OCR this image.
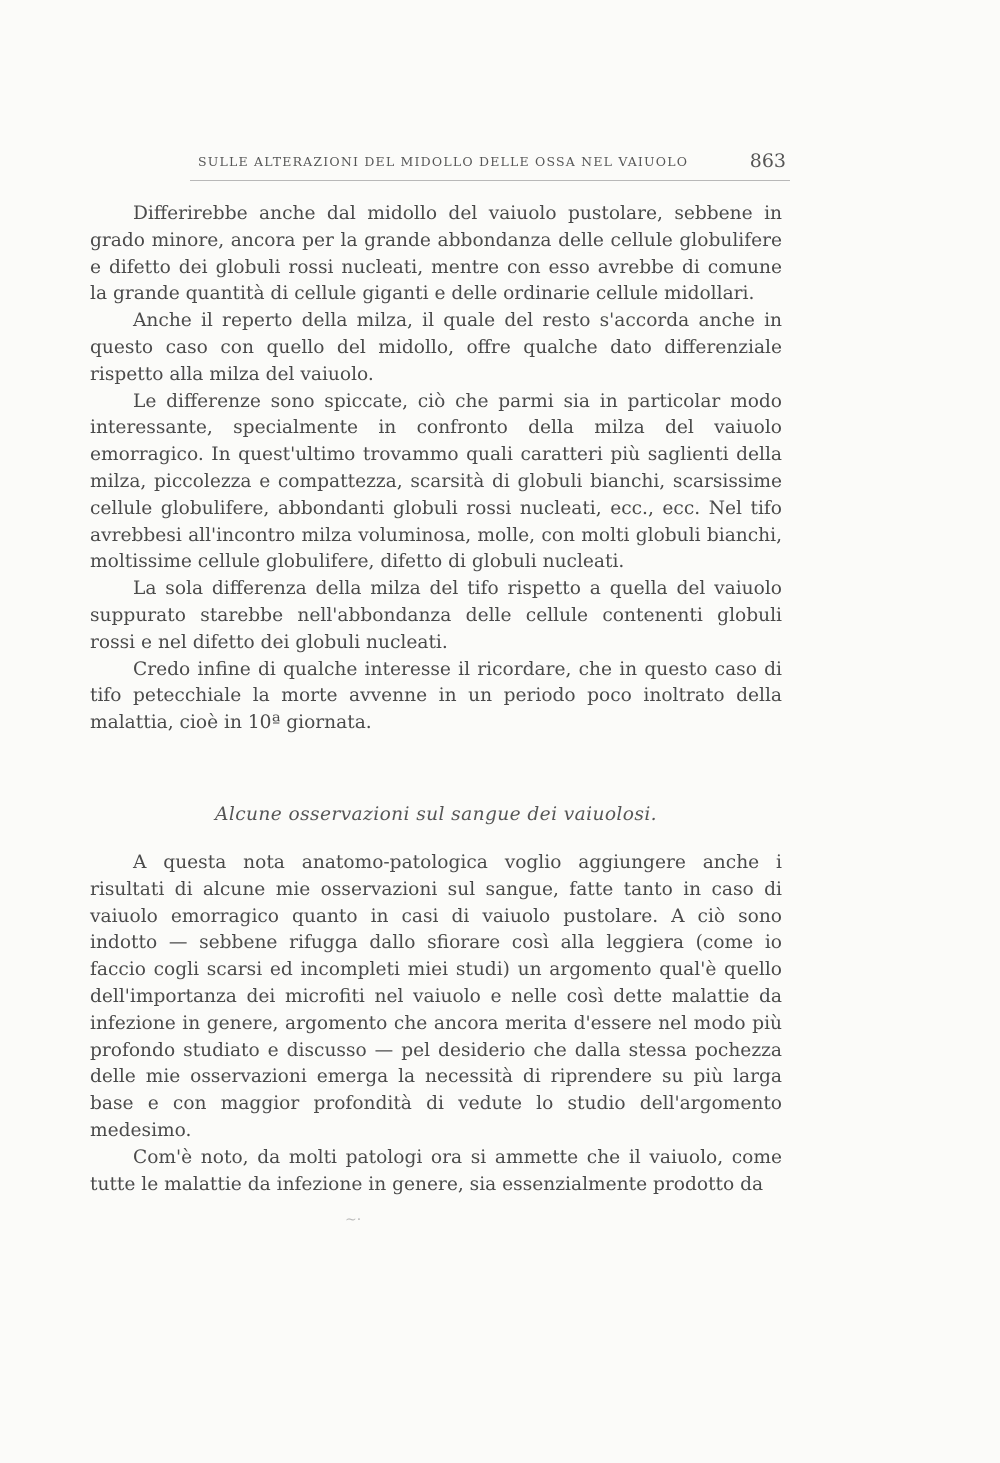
SULLE ALTERAZIONI DEL MIDOLLO DELLE OSSA NEL VAIUOLO	863

Differirebbe anche dal midollo del vaiuolo pustolare, sebbene in grado minore, ancora per la grande abbondanza delle cellule globulifere e difetto dei globuli rossi nucleati, mentre con esso avrebbe di comune la grande quantità di cellule giganti e delle ordinarie cellule midollari.

Anche il reperto della milza, il quale del resto s'accorda anche in questo caso con quello del midollo, offre qualche dato differenziale rispetto alla milza del vaiuolo.

Le differenze sono spiccate, ciò che parmi sia in particolar modo interessante, specialmente in confronto della milza del vaiuolo emorragico. In quest'ultimo trovammo quali caratteri più saglienti della milza, piccolezza e compattezza, scarsità di globuli bianchi, scarsissime cellule globulifere, abbondanti globuli rossi nucleati, ecc., ecc. Nel tifo avrebbesi all'incontro milza voluminosa, molle, con molti globuli bianchi, moltissime cellule globulifere, difetto di globuli nucleati.

La sola differenza della milza del tifo rispetto a quella del vaiuolo suppurato starebbe nell'abbondanza delle cellule contenenti globuli rossi e nel difetto dei globuli nucleati.

Credo infine di qualche interesse il ricordare, che in questo caso di tifo petecchiale la morte avvenne in un periodo poco inoltrato della malattia, cioè in 10ª giornata.

Alcune osservazioni sul sangue dei vaiuolosi.

A questa nota anatomo-patologica voglio aggiungere anche i risultati di alcune mie osservazioni sul sangue, fatte tanto in caso di vaiuolo emorragico quanto in casi di vaiuolo pustolare. A ciò sono indotto — sebbene rifugga dallo sfiorare così alla leggiera (come io faccio cogli scarsi ed incompleti miei studi) un argomento qual'è quello dell'importanza dei microfiti nel vaiuolo e nelle così dette malattie da infezione in genere, argomento che ancora merita d'essere nel modo più profondo studiato e discusso — pel desiderio che dalla stessa pochezza delle mie osservazioni emerga la necessità di riprendere su più larga base e con maggior profondità di vedute lo studio dell'argomento medesimo.

Com'è noto, da molti patologi ora si ammette che il vaiuolo, come tutte le malattie da infezione in genere, sia essenzialmente prodotto da

~·
